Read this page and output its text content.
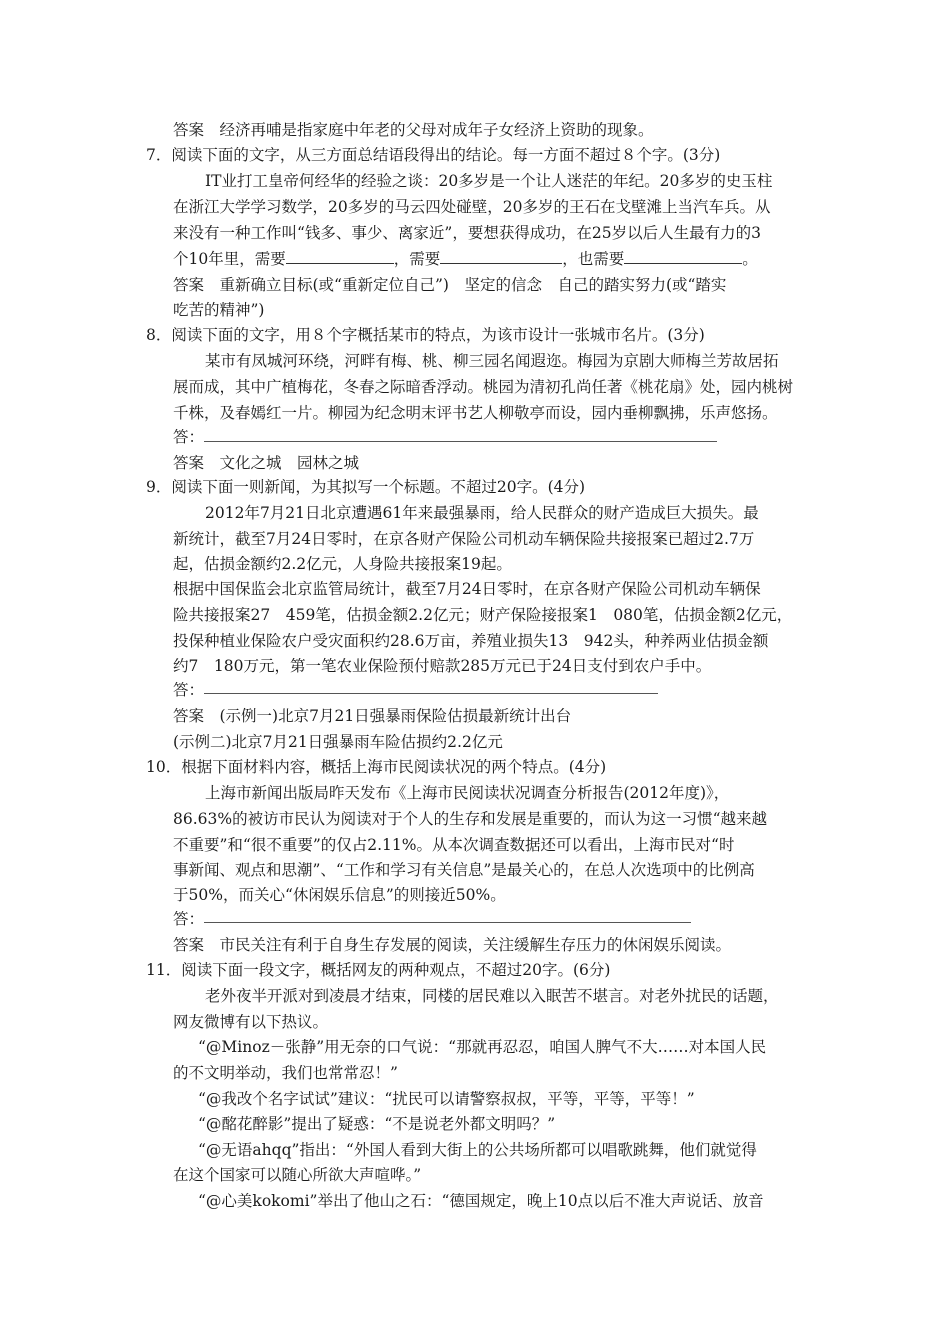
答案　经济再哺是指家庭中年老的父母对成年子女经济上资助的现象。
7．阅读下面的文字，从三方面总结语段得出的结论。每一方面不超过８个字。(3分)
IT业打工皇帝何经华的经验之谈：20多岁是一个让人迷茫的年纪。20多岁的史玉柱
在浙江大学学习数学，20多岁的马云四处碰壁，20多岁的王石在戈壁滩上当汽车兵。从
来没有一种工作叫“钱多、事少、离家近”，要想获得成功，在25岁以后人生最有力的3
个10年里，需要	，需要	，也需要	。
答案　重新确立目标(或“重新定位自己”)　坚定的信念　自己的踏实努力(或“踏实
吃苦的精神”)
8．阅读下面的文字，用８个字概括某市的特点，为该市设计一张城市名片。(3分)
某市有凤城河环绕，河畔有梅、桃、柳三园名闻遐迩。梅园为京剧大师梅兰芳故居拓
展而成，其中广植梅花，冬春之际暗香浮动。桃园为清初孔尚任著《桃花扇》处，园内桃树
千株，及春嫣红一片。柳园为纪念明末评书艺人柳敬亭而设，园内垂柳飘拂，乐声悠扬。
答：
答案　文化之城　园林之城
9．阅读下面一则新闻，为其拟写一个标题。不超过20字。(4分)
2012年7月21日北京遭遇61年来最强暴雨，给人民群众的财产造成巨大损失。最
新统计，截至7月24日零时，在京各财产保险公司机动车辆保险共接报案已超过2.7万
起，估损金额约2.2亿元，人身险共接报案19起。
根据中国保监会北京监管局统计，截至7月24日零时，在京各财产保险公司机动车辆保
险共接报案27　459笔，估损金额2.2亿元；财产保险接报案1　080笔，估损金额2亿元，
投保种植业保险农户受灾面积约28.6万亩，养殖业损失13　942头，种养两业估损金额
约7　180万元，第一笔农业保险预付赔款285万元已于24日支付到农户手中。
答：
答案　(示例一)北京7月21日强暴雨保险估损最新统计出台
(示例二)北京7月21日强暴雨车险估损约2.2亿元
10．根据下面材料内容，概括上海市民阅读状况的两个特点。(4分)
上海市新闻出版局昨天发布《上海市民阅读状况调查分析报告(2012年度)》，
86.63%的被访市民认为阅读对于个人的生存和发展是重要的，而认为这一习惯“越来越
不重要”和“很不重要”的仅占2.11%。从本次调查数据还可以看出，上海市民对“时
事新闻、观点和思潮”、“工作和学习有关信息”是最关心的，在总人次选项中的比例高
于50%，而关心“休闲娱乐信息”的则接近50%。
答：
答案　市民关注有利于自身生存发展的阅读，关注缓解生存压力的休闲娱乐阅读。
11．阅读下面一段文字，概括网友的两种观点，不超过20字。(6分)
老外夜半开派对到凌晨才结束，同楼的居民难以入眠苦不堪言。对老外扰民的话题，
网友微博有以下热议。
“@Minoz－张静”用无奈的口气说：“那就再忍忍，咱国人脾气不大……对本国人民
的不文明举动，我们也常常忍！”
“@我改个名字试试”建议：“扰民可以请警察叔叔，平等，平等，平等！”
“@酩花醉影”提出了疑惑：“不是说老外都文明吗？”
“@无语ahqq”指出：“外国人看到大街上的公共场所都可以唱歌跳舞，他们就觉得
在这个国家可以随心所欲大声喧哗。”
“@心美kokomi”举出了他山之石：“德国规定，晚上10点以后不准大声说话、放音
